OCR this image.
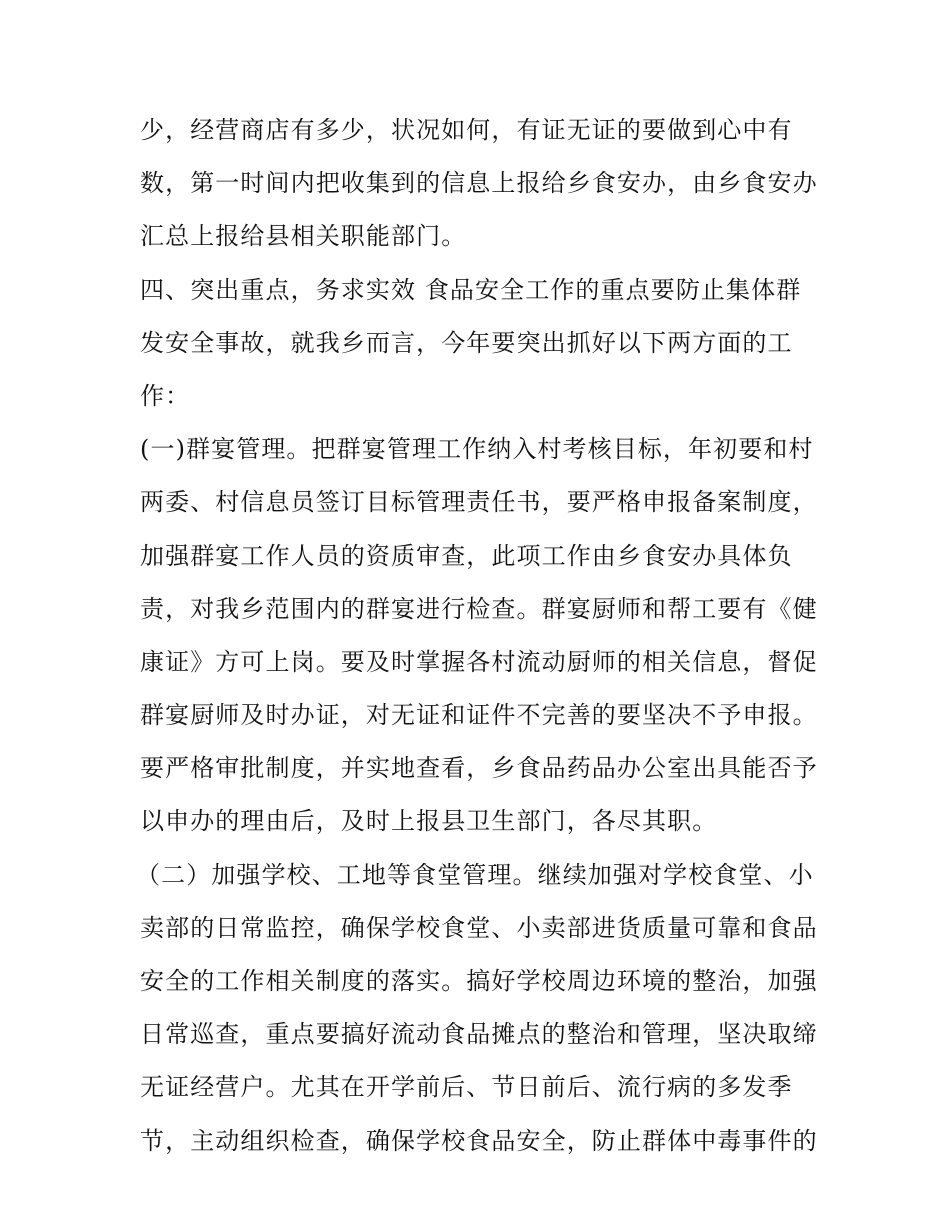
少，经营商店有多少，状况如何，有证无证的要做到心中有
数，第一时间内把收集到的信息上报给乡食安办，由乡食安办
汇总上报给县相关职能部门。
四、突出重点，务求实效 食品安全工作的重点要防止集体群
发安全事故，就我乡而言，今年要突出抓好以下两方面的工
作：
(一)群宴管理。把群宴管理工作纳入村考核目标，年初要和村
两委、村信息员签订目标管理责任书，要严格申报备案制度，
加强群宴工作人员的资质审查，此项工作由乡食安办具体负
责，对我乡范围内的群宴进行检查。群宴厨师和帮工要有《健
康证》方可上岗。要及时掌握各村流动厨师的相关信息，督促
群宴厨师及时办证，对无证和证件不完善的要坚决不予申报。
要严格审批制度，并实地查看，乡食品药品办公室出具能否予
以申办的理由后，及时上报县卫生部门，各尽其职。
（二）加强学校、工地等食堂管理。继续加强对学校食堂、小
卖部的日常监控，确保学校食堂、小卖部进货质量可靠和食品
安全的工作相关制度的落实。搞好学校周边环境的整治，加强
日常巡查，重点要搞好流动食品摊点的整治和管理，坚决取缔
无证经营户。尤其在开学前后、节日前后、流行病的多发季
节，主动组织检查，确保学校食品安全，防止群体中毒事件的
